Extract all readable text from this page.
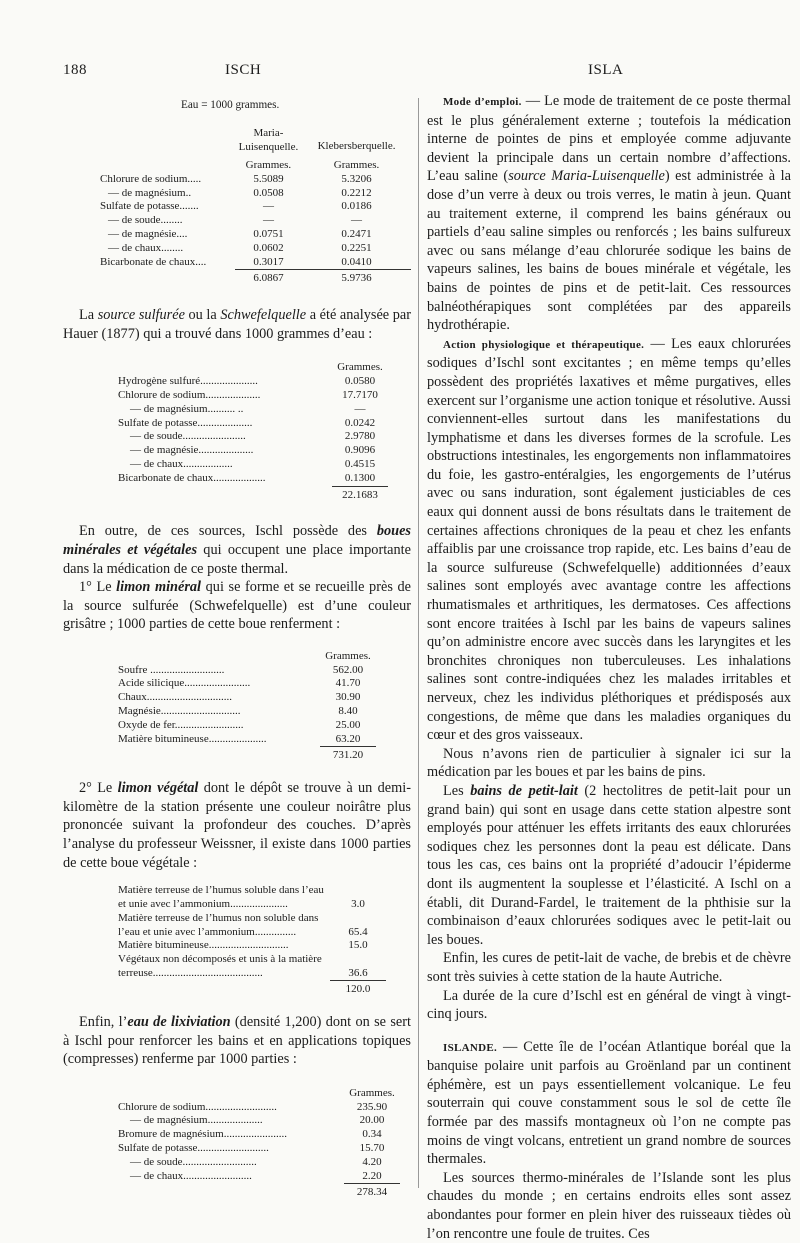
188	ISCH	ISLA
Eau = 1000 grammes.
	Maria-Luisenquelle.	Klebersberquelle.
	Grammes.	Grammes.
Chlorure de sodium.....	5.5089	5.3206
— de magnésium..	0.0508	0.2212
Sulfate de potasse.......	—	0.0186
— de soude........	—	—
— de magnésie....	0.0751	0.2471
— de chaux........	0.0602	0.2251
Bicarbonate de chaux....	0.3017	0.0410
	6.0867	5.9736

La source sulfurée ou la Schwefelquelle a été analysée par Hauer (1877) qui a trouvé dans 1000 grammes d’eau :

	Grammes.
Hydrogène sulfuré.....................	0.0580
Chlorure de sodium....................	17.7170
— de magnésium.......... ..	—
Sulfate de potasse....................	0.0242
— de soude.......................	2.9780
— de magnésie....................	0.9096
— de chaux..................	0.4515
Bicarbonate de chaux...................	0.1300
	22.1683

En outre, de ces sources, Ischl possède des boues minérales et végétales qui occupent une place importante dans la médication de ce poste thermal.

1° Le limon minéral qui se forme et se recueille près de la source sulfurée (Schwefelquelle) est d’une couleur grisâtre ; 1000 parties de cette boue renferment :

	Grammes.
Soufre ...........................	562.00
Acide silicique........................	41.70
Chaux...............................	30.90
Magnésie.............................	8.40
Oxyde de fer.........................	25.00
Matière bitumineuse.....................	63.20
	731.20

2° Le limon végétal dont le dépôt se trouve à un demi-kilomètre de la station présente une couleur noirâtre plus prononcée suivant la profondeur des couches. D’après l’analyse du professeur Weissner, il existe dans 1000 parties de cette boue végétale :

Matière terreuse de l’humus soluble dans l’eau et unie avec l’ammonium.....................	3.0
Matière terreuse de l’humus non soluble dans l’eau et unie avec l’ammonium...............	65.4
Matière bitumineuse.............................	15.0
Végétaux non décomposés et unis à la matière terreuse........................................	36.6
	120.0

Enfin, l’eau de lixiviation (densité 1,200) dont on se sert à Ischl pour renforcer les bains et en applications topiques (compresses) renferme par 1000 parties :

	Grammes.
Chlorure de sodium..........................	235.90
— de magnésium....................	20.00
Bromure de magnésium.......................	0.34
Sulfate de potasse..........................	15.70
— de soude...........................	4.20
— de chaux.........................	2.20
	278.34

Mode d’emploi. — Le mode de traitement de ce poste thermal est le plus généralement externe ; toutefois la médication interne de pointes de pins et employée comme adjuvante devient la principale dans un certain nombre d’affections. L’eau saline (source Maria-Luisenquelle) est administrée à la dose d’un verre à deux ou trois verres, le matin à jeun. Quant au traitement externe, il comprend les bains généraux ou partiels d’eau saline simples ou renforcés ; les bains sulfureux avec ou sans mélange d’eau chlorurée sodique les bains de vapeurs salines, les bains de boues minérale et végétale, les bains de pointes de pins et de petit-lait. Ces ressources balnéothérapiques sont complétées par des appareils hydrothérapie.

Action physiologique et thérapeutique. — Les eaux chlorurées sodiques d’Ischl sont excitantes ; en même temps qu’elles possèdent des propriétés laxatives et même purgatives, elles exercent sur l’organisme une action tonique et résolutive. Aussi conviennent-elles surtout dans les manifestations du lymphatisme et dans les diverses formes de la scrofule. Les obstructions intestinales, les engorgements non inflammatoires du foie, les gastro-entéralgies, les engorgements de l’utérus avec ou sans induration, sont également justiciables de ces eaux qui donnent aussi de bons résultats dans le traitement de certaines affections chroniques de la peau et chez les enfants affaiblis par une croissance trop rapide, etc. Les bains d’eau de la source sulfureuse (Schwefelquelle) additionnées d’eaux salines sont employés avec avantage contre les affections rhumatismales et arthritiques, les dermatoses. Ces affections sont encore traitées à Ischl par les bains de vapeurs salines qu’on administre encore avec succès dans les laryngites et les bronchites chroniques non tuberculeuses. Les inhalations salines sont contre-indiquées chez les malades irritables et nerveux, chez les individus pléthoriques et prédisposés aux congestions, de même que dans les maladies organiques du cœur et des gros vaisseaux.

Nous n’avons rien de particulier à signaler ici sur la médication par les boues et par les bains de pins.

Les bains de petit-lait (2 hectolitres de petit-lait pour un grand bain) qui sont en usage dans cette station alpestre sont employés pour atténuer les effets irritants des eaux chlorurées sodiques chez les personnes dont la peau est délicate. Dans tous les cas, ces bains ont la propriété d’adoucir l’épiderme dont ils augmentent la souplesse et l’élasticité. A Ischl on a établi, dit Durand-Fardel, le traitement de la phthisie sur la combinaison d’eaux chlorurées sodiques avec le petit-lait ou les boues.

Enfin, les cures de petit-lait de vache, de brebis et de chèvre sont très suivies à cette station de la haute Autriche.

La durée de la cure d’Ischl est en général de vingt à vingt-cinq jours.

ISLANDE. — Cette île de l’océan Atlantique boréal que la banquise polaire unit parfois au Groënland par un continent éphémère, est un pays essentiellement volcanique. Le feu souterrain qui couve constamment sous le sol de cette île formée par des massifs montagneux où l’on ne compte pas moins de vingt volcans, entretient un grand nombre de sources thermales.

Les sources thermo-minérales de l’Islande sont les plus chaudes du monde ; en certains endroits elles sont assez abondantes pour former en plein hiver des ruisseaux tièdes où l’on rencontre une foule de truites. Ces
